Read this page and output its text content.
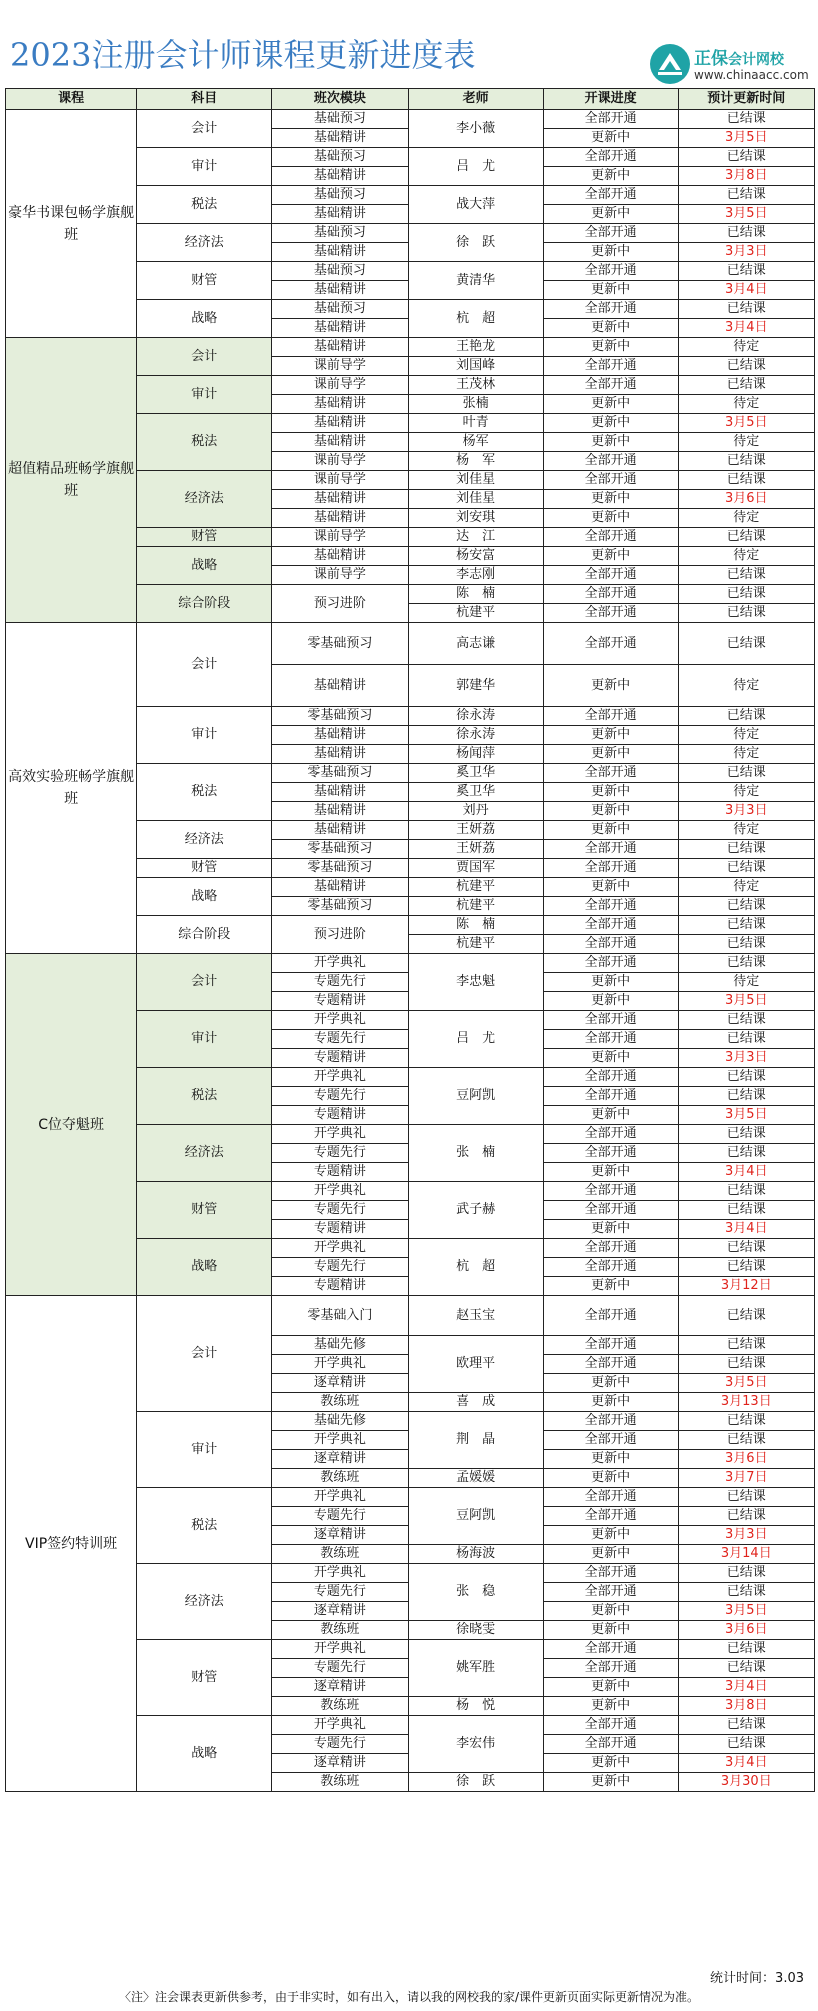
2023注册会计师课程更新进度表	正保会计网校
www.chinaacc.com
课程	科目	班次模块	老师	开课进度	预计更新时间
豪华书课包畅学旗舰班	会计	基础预习	李小薇	全部开通	已结课
		基础精讲		更新中	3月5日
	审计	基础预习	吕　尤	全部开通	已结课
		基础精讲		更新中	3月8日
	税法	基础预习	战大萍	全部开通	已结课
		基础精讲		更新中	3月5日
	经济法	基础预习	徐　跃	全部开通	已结课
		基础精讲		更新中	3月3日
	财管	基础预习	黄清华	全部开通	已结课
		基础精讲		更新中	3月4日
	战略	基础预习	杭　超	全部开通	已结课
		基础精讲		更新中	3月4日
超值精品班畅学旗舰班	会计	基础精讲	王艳龙	更新中	待定
		课前导学	刘国峰	全部开通	已结课
	审计	课前导学	王茂林	全部开通	已结课
		基础精讲	张楠	更新中	待定
	税法	基础精讲	叶青	更新中	3月5日
		基础精讲	杨军	更新中	待定
		课前导学	杨　军	全部开通	已结课
	经济法	课前导学	刘佳星	全部开通	已结课
		基础精讲	刘佳星	更新中	3月6日
		基础精讲	刘安琪	更新中	待定
	财管	课前导学	达　江	全部开通	已结课
	战略	基础精讲	杨安富	更新中	待定
		课前导学	李志刚	全部开通	已结课
	综合阶段	预习进阶	陈　楠	全部开通	已结课
			杭建平	全部开通	已结课
高效实验班畅学旗舰班	会计	零基础预习	高志谦	全部开通	已结课
		基础精讲	郭建华	更新中	待定
	审计	零基础预习	徐永涛	全部开通	已结课
		基础精讲	徐永涛	更新中	待定
		基础精讲	杨闻萍	更新中	待定
	税法	零基础预习	奚卫华	全部开通	已结课
		基础精讲	奚卫华	更新中	待定
		基础精讲	刘丹	更新中	3月3日
	经济法	基础精讲	王妍荔	更新中	待定
		零基础预习	王妍荔	全部开通	已结课
	财管	零基础预习	贾国军	全部开通	已结课
	战略	基础精讲	杭建平	更新中	待定
		零基础预习	杭建平	全部开通	已结课
	综合阶段	预习进阶	陈　楠	全部开通	已结课
			杭建平	全部开通	已结课
C位夺魁班	会计	开学典礼	李忠魁	全部开通	已结课
		专题先行		更新中	待定
		专题精讲		更新中	3月5日
	审计	开学典礼	吕　尤	全部开通	已结课
		专题先行		全部开通	已结课
		专题精讲		更新中	3月3日
	税法	开学典礼	豆阿凯	全部开通	已结课
		专题先行		全部开通	已结课
		专题精讲		更新中	3月5日
	经济法	开学典礼	张　楠	全部开通	已结课
		专题先行		全部开通	已结课
		专题精讲		更新中	3月4日
	财管	开学典礼	武子赫	全部开通	已结课
		专题先行		全部开通	已结课
		专题精讲		更新中	3月4日
	战略	开学典礼	杭　超	全部开通	已结课
		专题先行		全部开通	已结课
		专题精讲		更新中	3月12日
VIP签约特训班	会计	零基础入门	赵玉宝	全部开通	已结课
		基础先修	欧理平	全部开通	已结课
		开学典礼		全部开通	已结课
		逐章精讲		更新中	3月5日
		教练班	喜　成	更新中	3月13日
	审计	基础先修	荆　晶	全部开通	已结课
		开学典礼		全部开通	已结课
		逐章精讲		更新中	3月6日
		教练班	孟媛媛	更新中	3月7日
	税法	开学典礼	豆阿凯	全部开通	已结课
		专题先行		全部开通	已结课
		逐章精讲		更新中	3月3日
		教练班	杨海波	更新中	3月14日
	经济法	开学典礼	张　稳	全部开通	已结课
		专题先行		全部开通	已结课
		逐章精讲		更新中	3月5日
		教练班	徐晓雯	更新中	3月6日
	财管	开学典礼	姚军胜	全部开通	已结课
		专题先行		全部开通	已结课
		逐章精讲		更新中	3月4日
		教练班	杨　悦	更新中	3月8日
	战略	开学典礼	李宏伟	全部开通	已结课
		专题先行		全部开通	已结课
		逐章精讲		更新中	3月4日
		教练班	徐　跃	更新中	3月30日
统计时间：3.03
〈注〉注会课表更新供参考，由于非实时，如有出入，请以我的网校我的家/课件更新页面实际更新情况为准。
